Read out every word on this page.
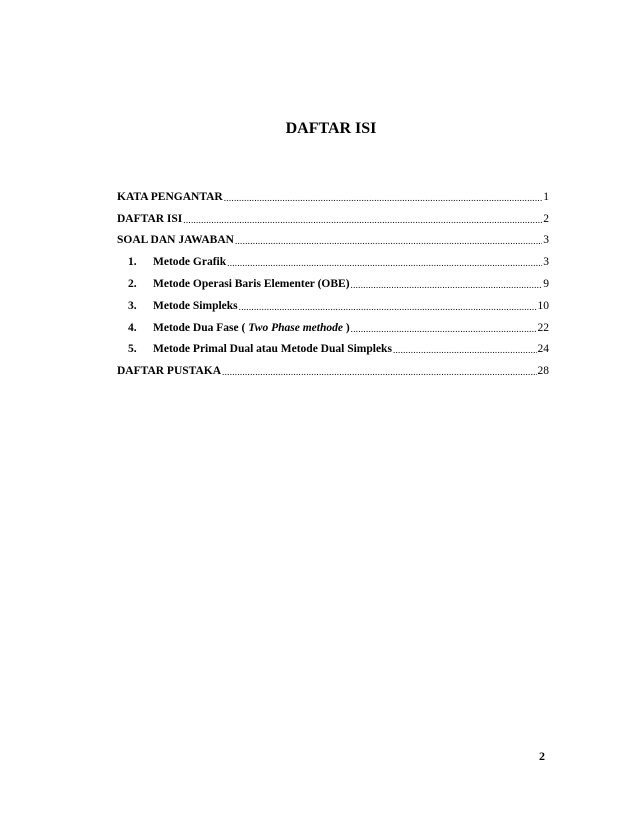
DAFTAR ISI
KATA PENGANTAR .....	1
DAFTAR ISI .....	2
SOAL DAN JAWABAN .....	3
1.	Metode Grafik .....	3
2.	Metode Operasi Baris Elementer (OBE) .....	9
3.	Metode Simpleks .....	10
4.	Metode Dua Fase ( Two Phase methode ) .....	22
5.	Metode Primal Dual atau Metode Dual Simpleks .....	24
DAFTAR PUSTAKA .....	28
2
